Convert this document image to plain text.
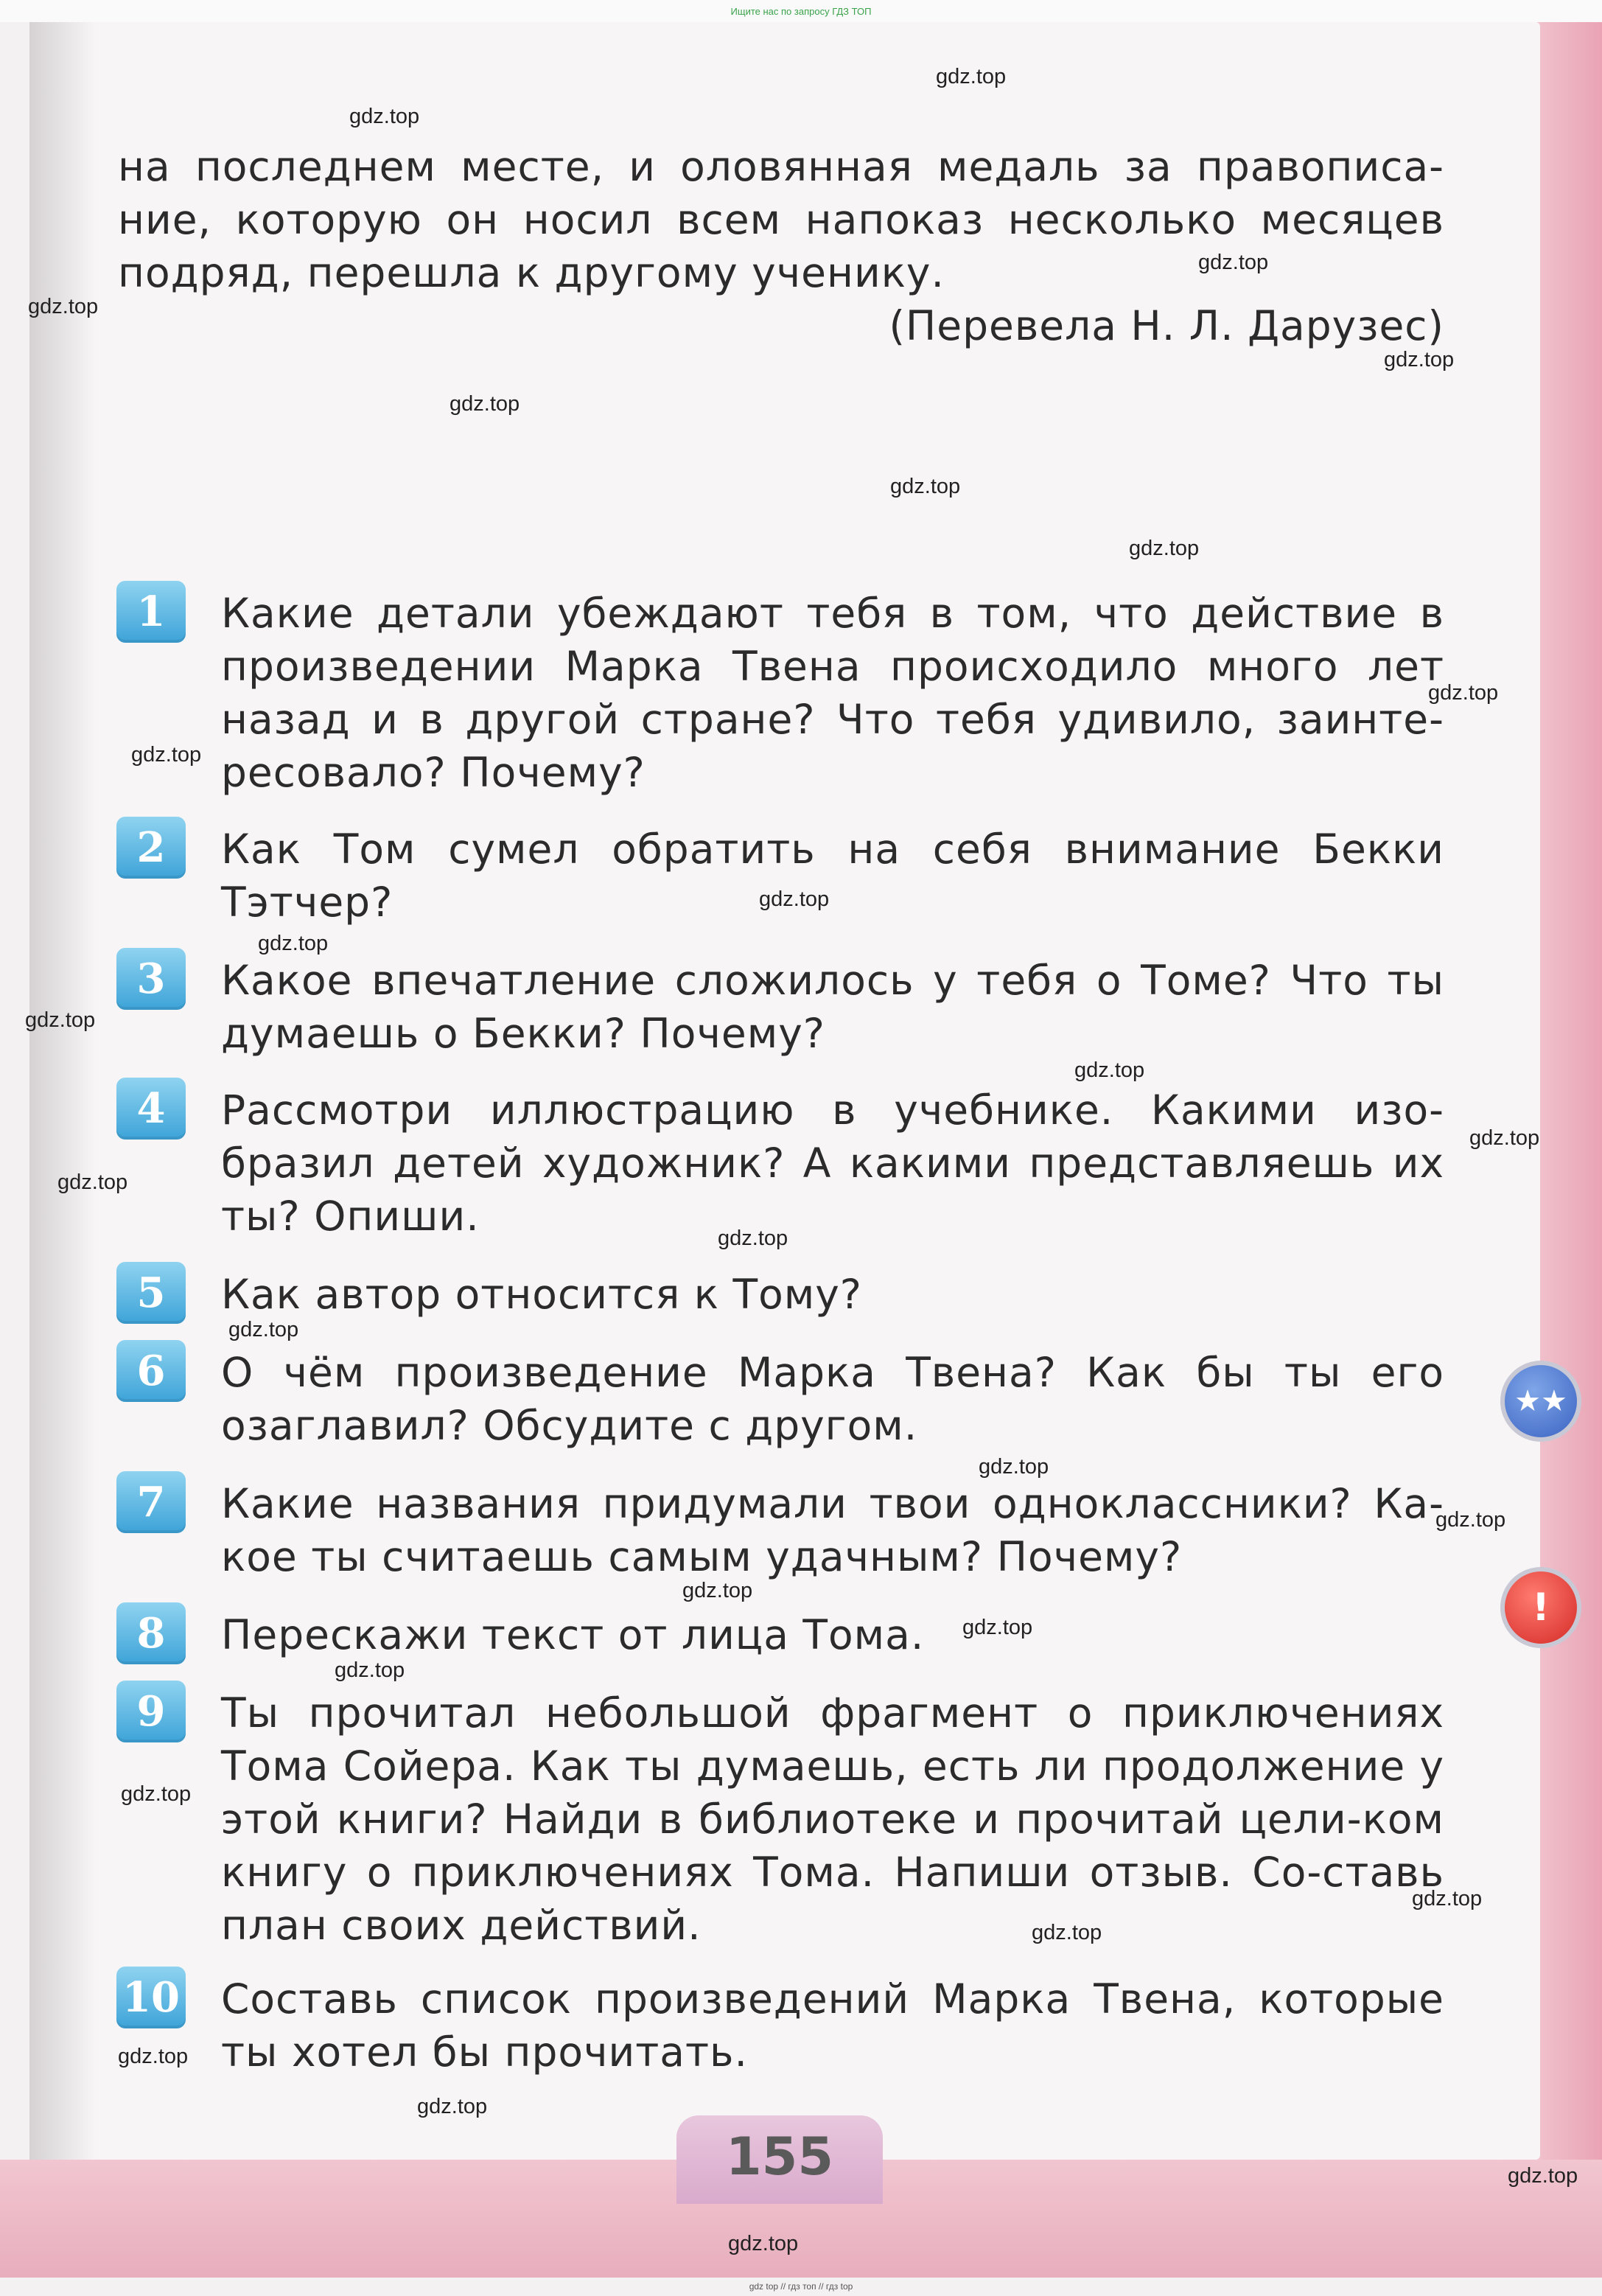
Ищите нас по запросу ГДЗ ТОП
на последнем месте, и оловянная медаль за правописа-
ние, которую он носил всем напоказ несколько месяцев
подряд, перешла к другому ученику.
(Перевела Н. Л. Дарузес)
1	Какие детали убеждают тебя в том, что действие в произведении Марка Твена происходило много лет назад и в другой стране? Что тебя удивило, заинте-ресовало? Почему?
2	Как Том сумел обратить на себя внимание Бекки Тэтчер?
3	Какое впечатление сложилось у тебя о Томе? Что ты думаешь о Бекки? Почему?
4	Рассмотри иллюстрацию в учебнике. Какими изо-бразил детей художник? А какими представляешь их ты? Опиши.
5	Как автор относится к Тому?
6	О чём произведение Марка Твена? Как бы ты его озаглавил? Обсудите с другом.
7	Какие названия придумали твои одноклассники? Ка-кое ты считаешь самым удачным? Почему?
8	Перескажи текст от лица Тома.
9	Ты прочитал небольшой фрагмент о приключениях Тома Сойера. Как ты думаешь, есть ли продолжение у этой книги? Найди в библиотеке и прочитай цели-ком книгу о приключениях Тома. Напиши отзыв. Со-ставь план своих действий.
10 Составь список произведений Марка Твена, которые ты хотел бы прочитать.
★★
!
155
gdz.top
gdz.top
gdz.top
gdz.top
gdz.top
gdz.top
gdz.top
gdz.top
gdz.top
gdz.top
gdz.top
gdz.top
gdz.top
gdz.top
gdz.top
gdz.top
gdz.top
gdz.top
gdz.top
gdz.top
gdz.top
gdz.top
gdz.top
gdz.top
gdz.top
gdz.top
gdz.top
gdz.top
gdz.top
gdz.top
gdz top // гдз топ // гдз top
